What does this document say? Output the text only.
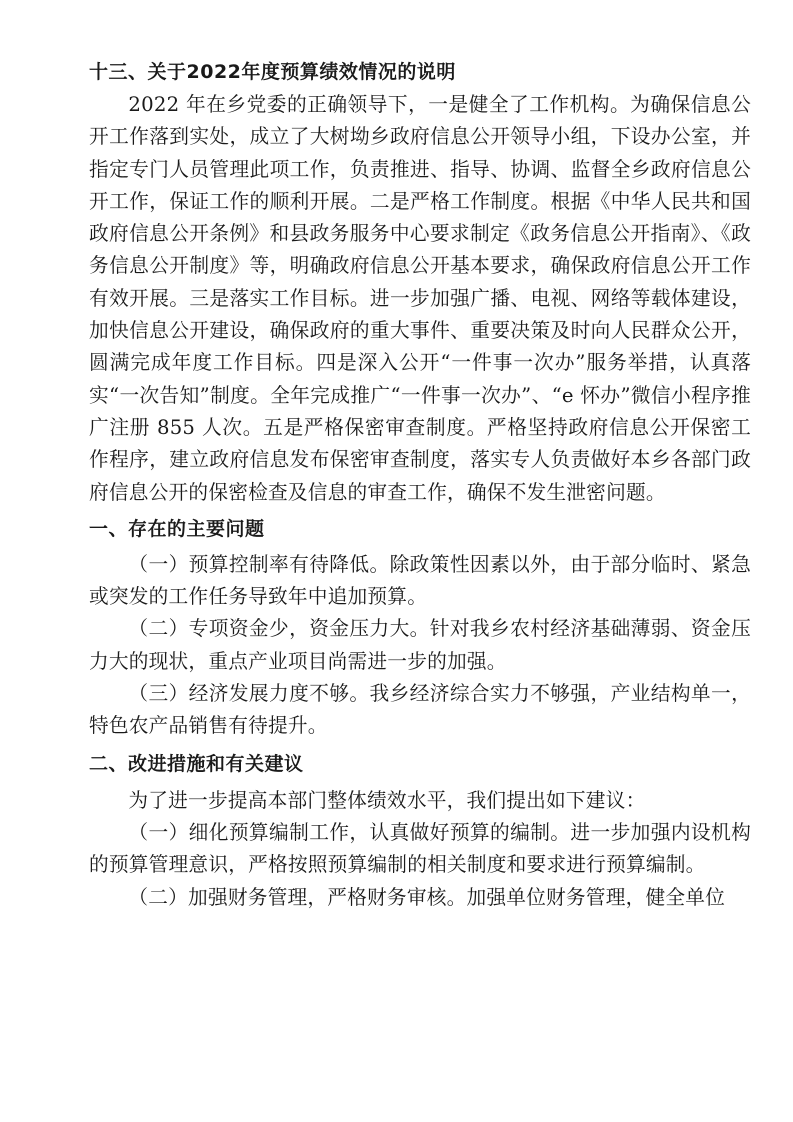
十三、关于2022年度预算绩效情况的说明

2022 年在乡党委的正确领导下，一是健全了工作机构。为确保信息公开工作落到实处，成立了大树坳乡政府信息公开领导小组，下设办公室，并指定专门人员管理此项工作，负责推进、指导、协调、监督全乡政府信息公开工作，保证工作的顺利开展。二是严格工作制度。根据《中华人民共和国政府信息公开条例》和县政务服务中心要求制定《政务信息公开指南》、《政务信息公开制度》等，明确政府信息公开基本要求，确保政府信息公开工作有效开展。三是落实工作目标。进一步加强广播、电视、网络等载体建设，加快信息公开建设，确保政府的重大事件、重要决策及时向人民群众公开，圆满完成年度工作目标。四是深入公开“一件事一次办”服务举措，认真落实“一次告知”制度。全年完成推广“一件事一次办”、“e 怀办”微信小程序推广注册 855 人次。五是严格保密审查制度。严格坚持政府信息公开保密工作程序，建立政府信息发布保密审查制度，落实专人负责做好本乡各部门政府信息公开的保密检查及信息的审查工作，确保不发生泄密问题。

一、存在的主要问题

（一）预算控制率有待降低。除政策性因素以外，由于部分临时、紧急或突发的工作任务导致年中追加预算。

（二）专项资金少，资金压力大。针对我乡农村经济基础薄弱、资金压力大的现状，重点产业项目尚需进一步的加强。

（三）经济发展力度不够。我乡经济综合实力不够强，产业结构单一，特色农产品销售有待提升。

二、改进措施和有关建议

为了进一步提高本部门整体绩效水平，我们提出如下建议：

（一）细化预算编制工作，认真做好预算的编制。进一步加强内设机构的预算管理意识，严格按照预算编制的相关制度和要求进行预算编制。

（二）加强财务管理，严格财务审核。加强单位财务管理，健全单位
